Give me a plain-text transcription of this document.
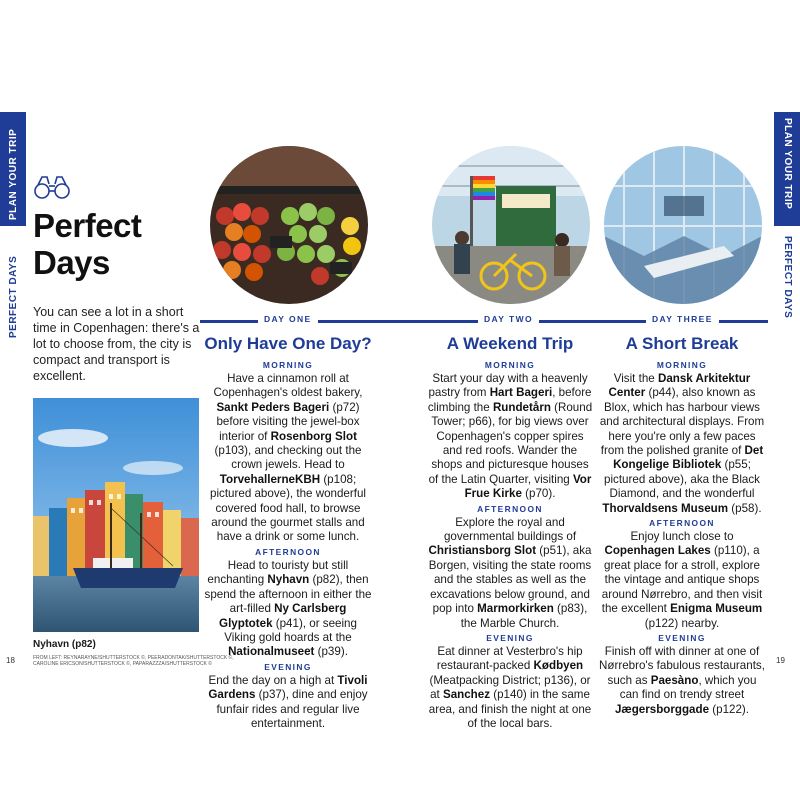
PLAN YOUR TRIP
PERFECT DAYS
PLAN YOUR TRIP
PERFECT DAYS
Perfect
Days
You can see a lot in a short time in Copenhagen: there's a lot to choose from, the city is compact and transport is excellent.
Nyhavn (p82)
18	19
FROM LEFT: REYNARAYNE/SHUTTERSTOCK ©, PEERADONTAK/SHUTTERSTOCK ©,
CAROLINE ERICSON/SHUTTERSTOCK ©, PAPARAZZZA/SHUTTERSTOCK ©
DAY ONE	DAY TWO	DAY THREE
Only Have One Day?
MORNING

Have a cinnamon roll at Copenhagen's oldest bakery, Sankt Peders Bageri (p72) before visiting the jewel-box interior of Rosenborg Slot (p103), and checking out the crown jewels. Head to TorvehallerneKBH (p108; pictured above), the wonderful covered food hall, to browse around the gourmet stalls and have a drink or some lunch.

AFTERNOON

Head to touristy but still enchanting Nyhavn (p82), then spend the afternoon in either the art-filled Ny Carlsberg Glyptotek (p41), or seeing Viking gold hoards at the Nationalmuseet (p39).

EVENING

End the day on a high at Tivoli Gardens (p37), dine and enjoy funfair rides and regular live entertainment.

A Weekend Trip
MORNING

Start your day with a heavenly pastry from Hart Bageri, before climbing the Rundetårn (Round Tower; p66), for big views over Copenhagen's copper spires and red roofs. Wander the shops and picturesque houses of the Latin Quarter, visiting Vor Frue Kirke (p70).

AFTERNOON

Explore the royal and governmental buildings of Christiansborg Slot (p51), aka Borgen, visiting the state rooms and the stables as well as the excavations below ground, and pop into Marmorkirken (p83), the Marble Church.

EVENING

Eat dinner at Vesterbro's hip restaurant-packed Kødbyen (Meatpacking District; p136), or at Sanchez (p140) in the same area, and finish the night at one of the local bars.

A Short Break
MORNING

Visit the Dansk Arkitektur Center (p44), also known as Blox, which has harbour views and architectural displays. From here you're only a few paces from the polished granite of Det Kongelige Bibliotek (p55; pictured above), aka the Black Diamond, and the wonderful Thorvaldsens Museum (p58).

AFTERNOON

Enjoy lunch close to Copenhagen Lakes (p110), a great place for a stroll, explore the vintage and antique shops around Nørrebro, and then visit the excellent Enigma Museum (p122) nearby.

EVENING

Finish off with dinner at one of Nørrebro's fabulous restaurants, such as Paesàno, which you can find on trendy street Jægersborggade (p122).
